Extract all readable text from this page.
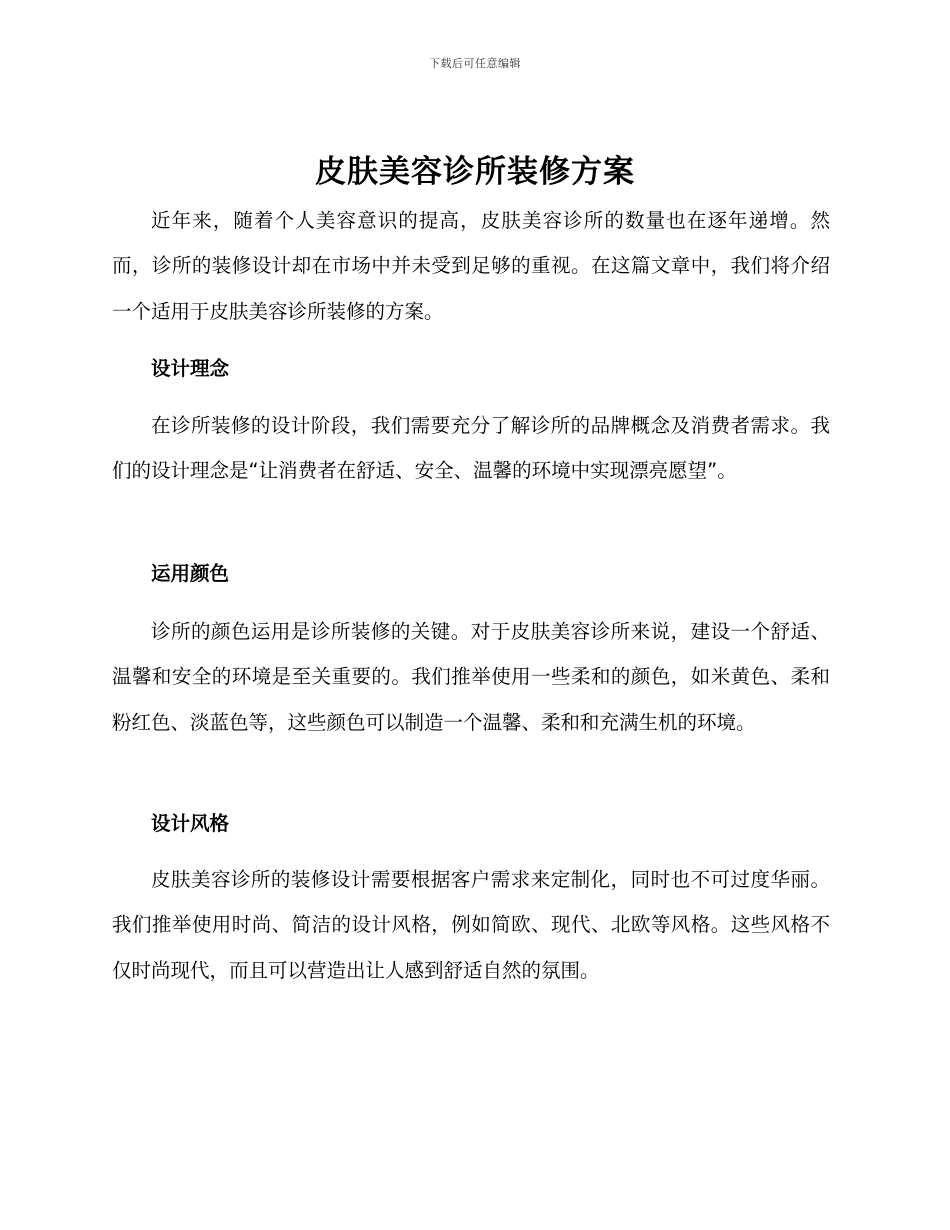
下载后可任意编辑
皮肤美容诊所装修方案

近年来，随着个人美容意识的提高，皮肤美容诊所的数量也在逐年递增。然而，诊所的装修设计却在市场中并未受到足够的重视。在这篇文章中，我们将介绍一个适用于皮肤美容诊所装修的方案。

设计理念

在诊所装修的设计阶段，我们需要充分了解诊所的品牌概念及消费者需求。我们的设计理念是“让消费者在舒适、安全、温馨的环境中实现漂亮愿望”。

运用颜色

诊所的颜色运用是诊所装修的关键。对于皮肤美容诊所来说，建设一个舒适、温馨和安全的环境是至关重要的。我们推举使用一些柔和的颜色，如米黄色、柔和粉红色、淡蓝色等，这些颜色可以制造一个温馨、柔和和充满生机的环境。

设计风格

皮肤美容诊所的装修设计需要根据客户需求来定制化，同时也不可过度华丽。我们推举使用时尚、简洁的设计风格，例如简欧、现代、北欧等风格。这些风格不仅时尚现代，而且可以营造出让人感到舒适自然的氛围。
